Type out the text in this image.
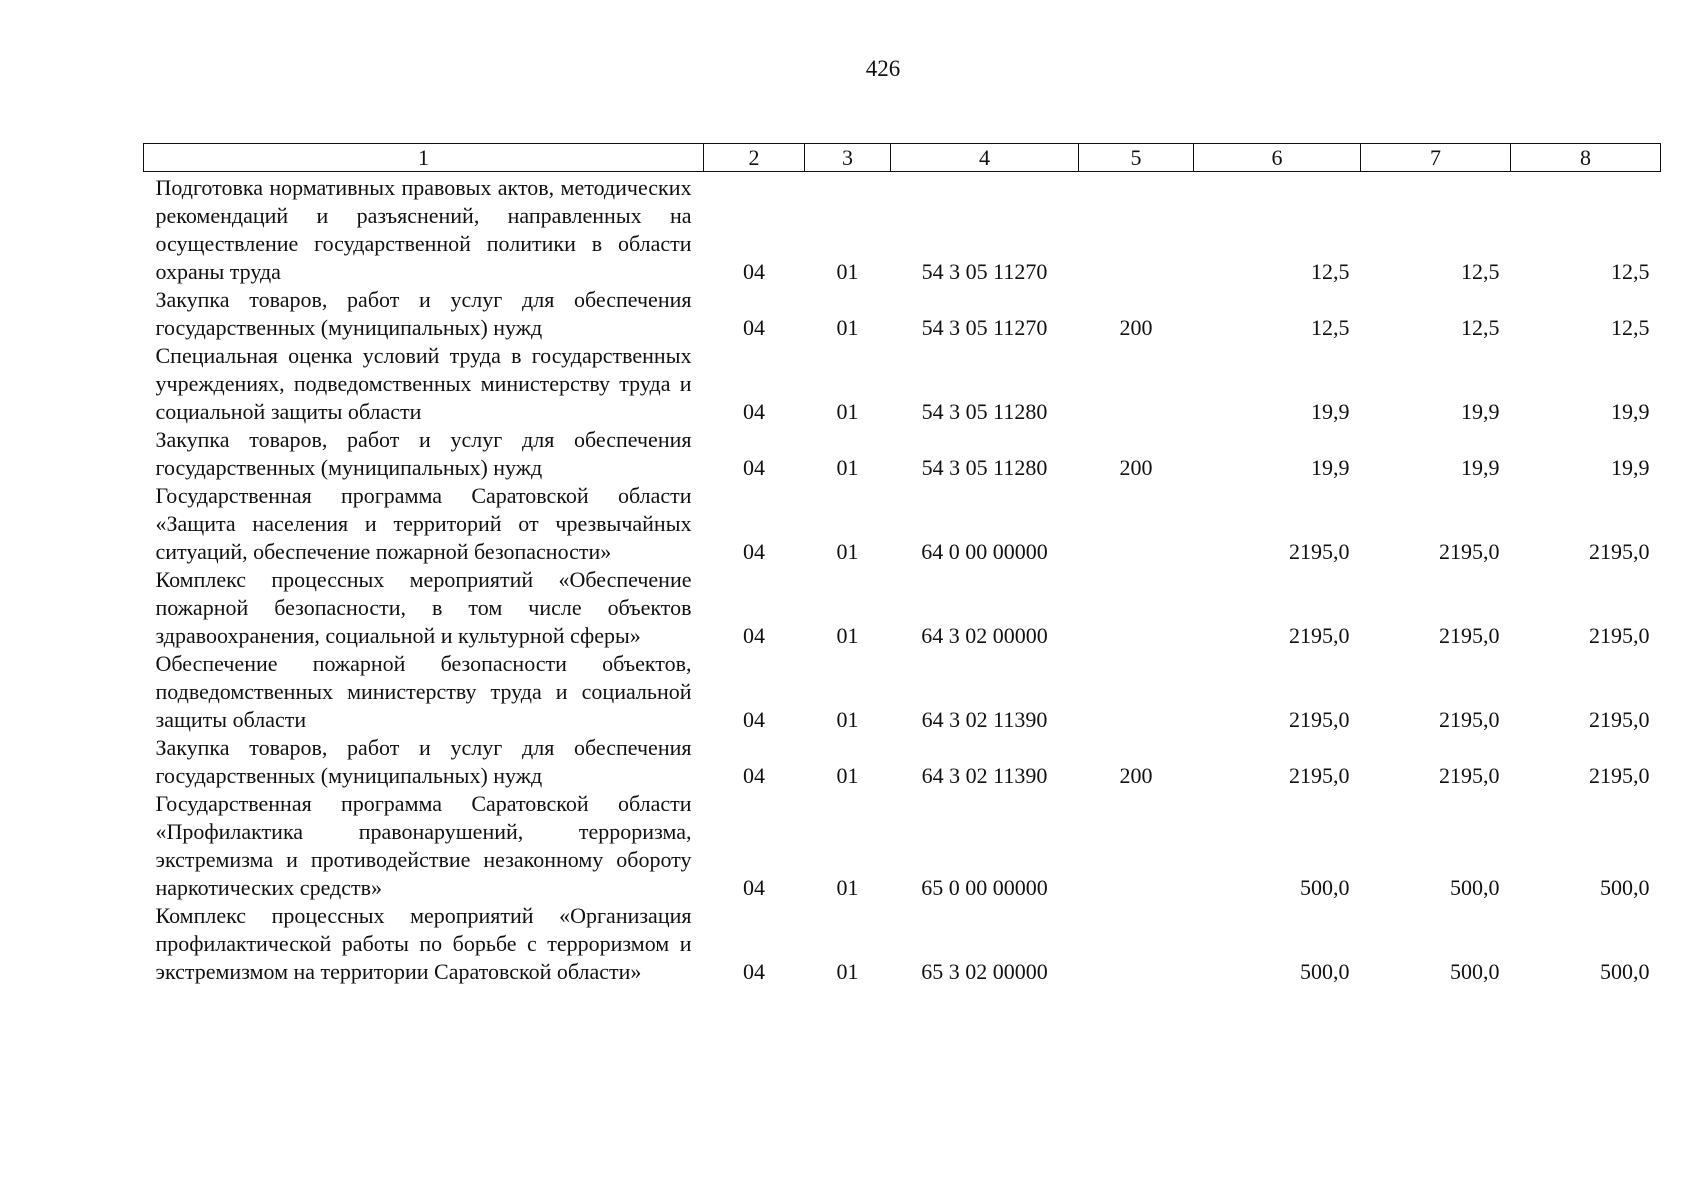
426
1	2	3	4	5	6	7	8
Подготовка нормативных правовых актов, методических рекомендаций и разъяснений, направленных на осуществление государственной политики в области охраны труда	04	01	54 3 05 11270		12,5	12,5	12,5
Закупка товаров, работ и услуг для обеспечения государственных (муниципальных) нужд	04	01	54 3 05 11270	200	12,5	12,5	12,5
Специальная оценка условий труда в государственных учреждениях, подведомственных министерству труда и социальной защиты области	04	01	54 3 05 11280		19,9	19,9	19,9
Закупка товаров, работ и услуг для обеспечения государственных (муниципальных) нужд	04	01	54 3 05 11280	200	19,9	19,9	19,9
Государственная программа Саратовской области «Защита населения и территорий от чрезвычайных ситуаций, обеспечение пожарной безопасности»	04	01	64 0 00 00000		2195,0	2195,0	2195,0
Комплекс процессных мероприятий «Обеспечение пожарной безопасности, в том числе объектов здравоохранения, социальной и культурной сферы»	04	01	64 3 02 00000		2195,0	2195,0	2195,0
Обеспечение пожарной безопасности объектов, подведомственных министерству труда и социальной защиты области	04	01	64 3 02 11390		2195,0	2195,0	2195,0
Закупка товаров, работ и услуг для обеспечения государственных (муниципальных) нужд	04	01	64 3 02 11390	200	2195,0	2195,0	2195,0
Государственная программа Саратовской области «Профилактика правонарушений, терроризма, экстремизма и противодействие незаконному обороту наркотических средств»	04	01	65 0 00 00000		500,0	500,0	500,0
Комплекс процессных мероприятий «Организация профилактической работы по борьбе с терроризмом и экстремизмом на территории Саратовской области»	04	01	65 3 02 00000		500,0	500,0	500,0
